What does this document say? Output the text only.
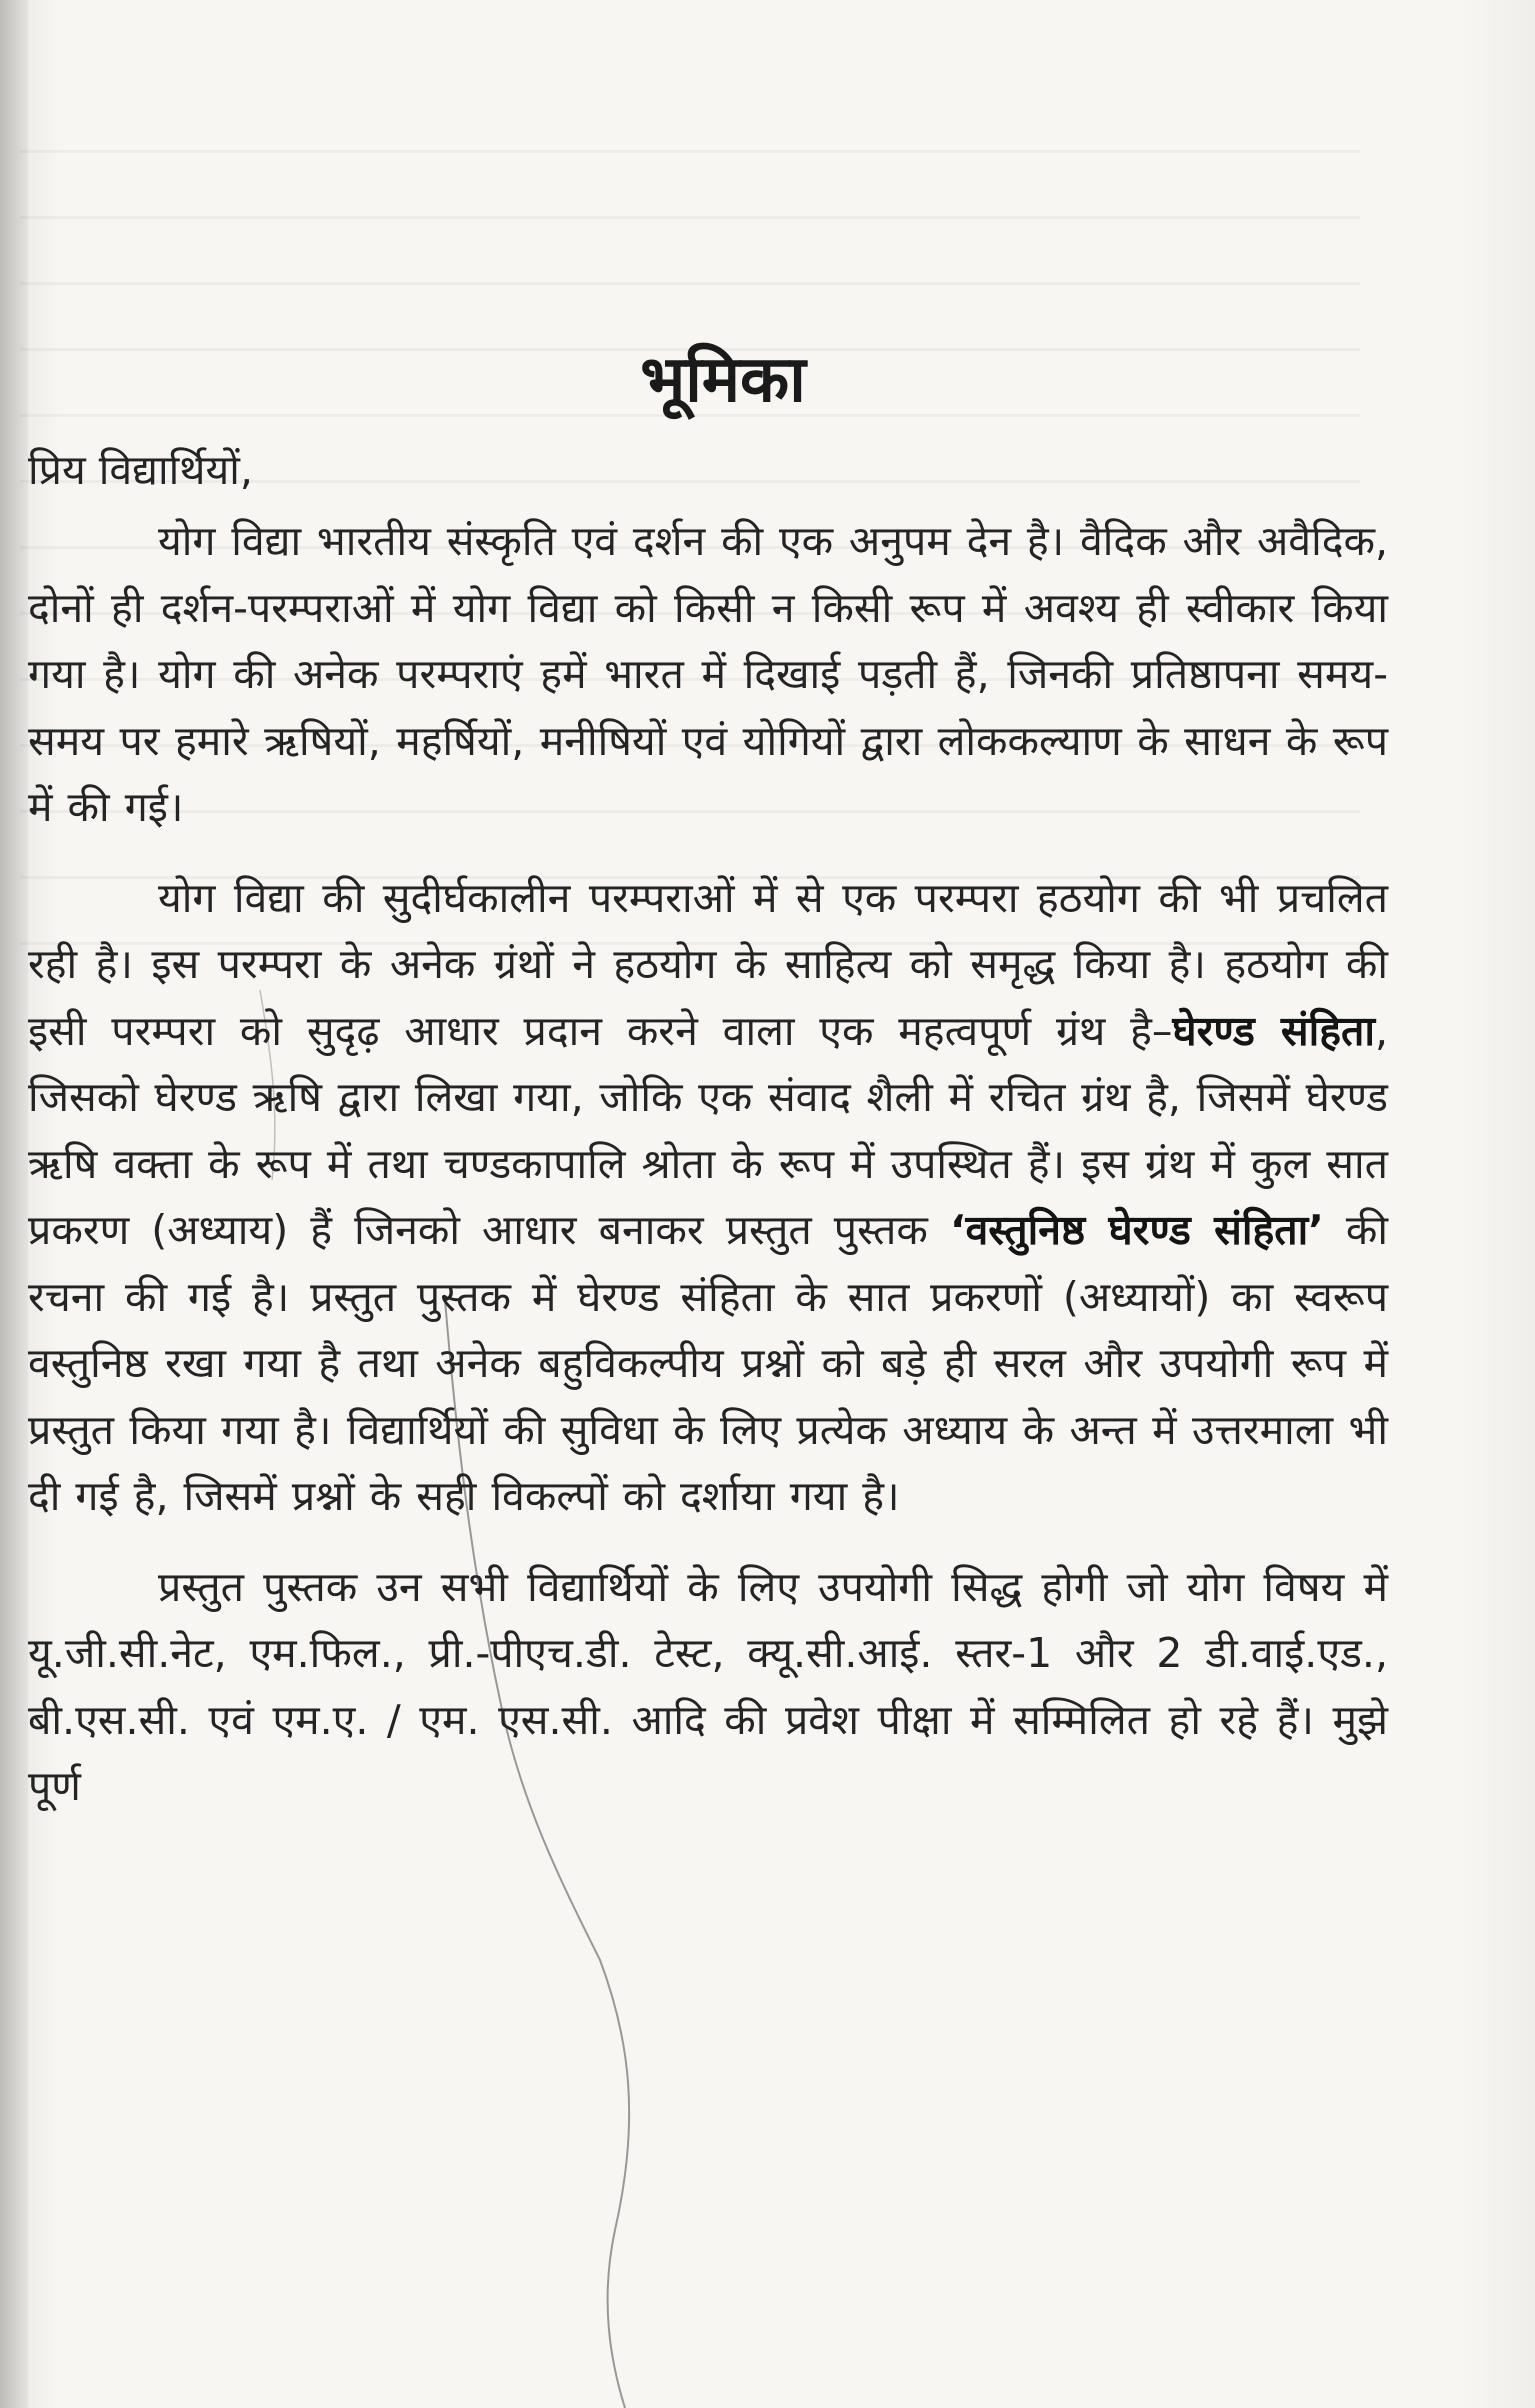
भूमिका

प्रिय विद्यार्थियों,

योग विद्या भारतीय संस्कृति एवं दर्शन की एक अनुपम देन है। वैदिक और अवैदिक, दोनों ही दर्शन-परम्पराओं में योग विद्या को किसी न किसी रूप में अवश्य ही स्वीकार किया गया है। योग की अनेक परम्पराएं हमें भारत में दिखाई पड़ती हैं, जिनकी प्रतिष्ठापना समय-समय पर हमारे ऋषियों, महर्षियों, मनीषियों एवं योगियों द्वारा लोककल्याण के साधन के रूप में की गई।

योग विद्या की सुदीर्घकालीन परम्पराओं में से एक परम्परा हठयोग की भी प्रचलित रही है। इस परम्परा के अनेक ग्रंथों ने हठयोग के साहित्य को समृद्ध किया है। हठयोग की इसी परम्परा को सुदृढ़ आधार प्रदान करने वाला एक महत्वपूर्ण ग्रंथ है–घेरण्ड संहिता, जिसको घेरण्ड ऋषि द्वारा लिखा गया, जोकि एक संवाद शैली में रचित ग्रंथ है, जिसमें घेरण्ड ऋषि वक्ता के रूप में तथा चण्डकापालि श्रोता के रूप में उपस्थित हैं। इस ग्रंथ में कुल सात प्रकरण (अध्याय) हैं जिनको आधार बनाकर प्रस्तुत पुस्तक ‘वस्तुनिष्ठ घेरण्ड संहिता’ की रचना की गई है। प्रस्तुत पुस्तक में घेरण्ड संहिता के सात प्रकरणों (अध्यायों) का स्वरूप वस्तुनिष्ठ रखा गया है तथा अनेक बहुविकल्पीय प्रश्नों को बड़े ही सरल और उपयोगी रूप में प्रस्तुत किया गया है। विद्यार्थियों की सुविधा के लिए प्रत्येक अध्याय के अन्त में उत्तरमाला भी दी गई है, जिसमें प्रश्नों के सही विकल्पों को दर्शाया गया है।

प्रस्तुत पुस्तक उन सभी विद्यार्थियों के लिए उपयोगी सिद्ध होगी जो योग विषय में यू.जी.सी.नेट, एम.फिल., प्री.-पीएच.डी. टेस्ट, क्यू.सी.आई. स्तर-1 और 2 डी.वाई.एड., बी.एस.सी. एवं एम.ए. / एम. एस.सी. आदि की प्रवेश पीक्षा में सम्मिलित हो रहे हैं। मुझे पूर्ण
